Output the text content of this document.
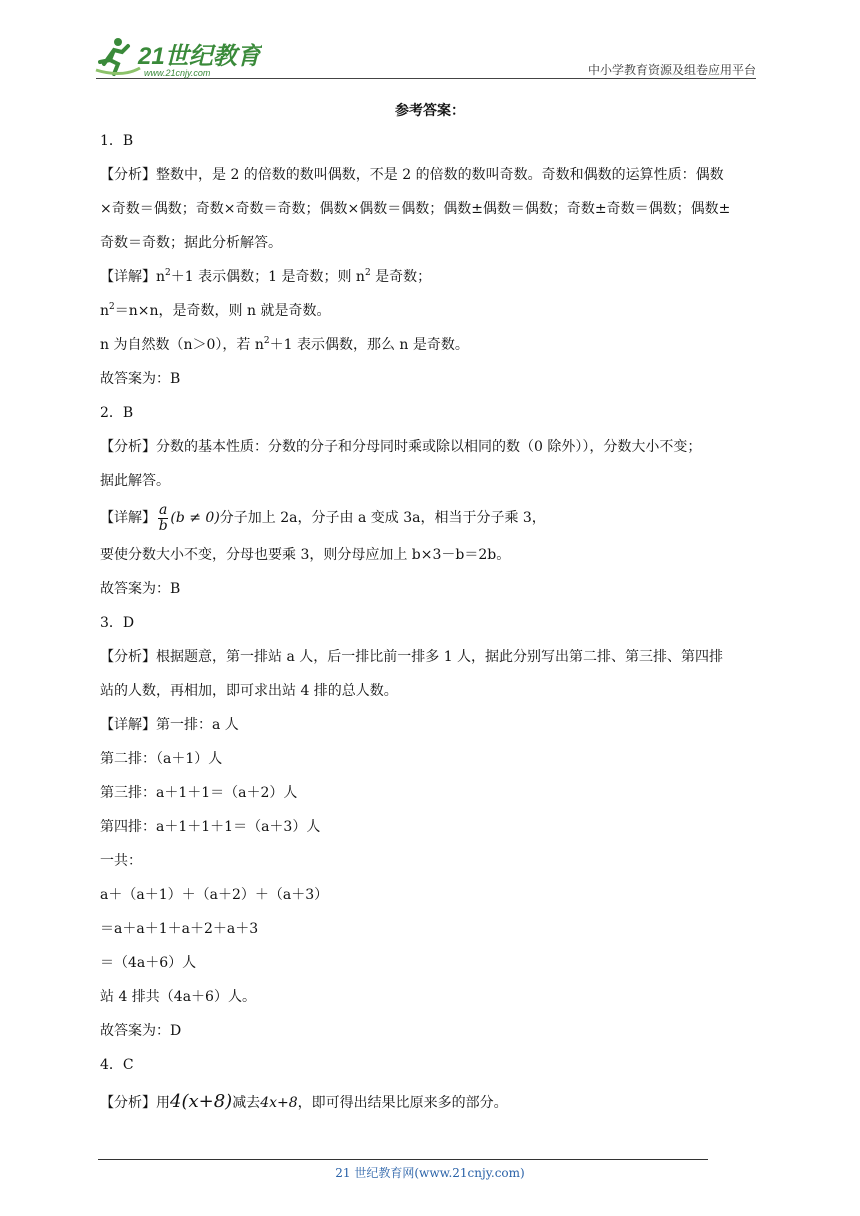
21世纪教育
www.21cnjy.com	中小学教育资源及组卷应用平台
参考答案：
1．B
【分析】整数中，是 2 的倍数的数叫偶数，不是 2 的倍数的数叫奇数。奇数和偶数的运算性质：偶数
×奇数＝偶数；奇数×奇数＝奇数；偶数×偶数＝偶数；偶数±偶数＝偶数；奇数±奇数＝偶数；偶数±
奇数＝奇数；据此分析解答。
【详解】$n^2+1$ 表示偶数；1 是奇数；则 $n^2$ 是奇数；
$n^2=n\times n$，是奇数，则 n 就是奇数。
n 为自然数（n＞0），若 $n^2+1$ 表示偶数，那么 n 是奇数。
故答案为：B
2．B
【分析】分数的基本性质：分数的分子和分母同时乘或除以相同的数（0 除外）），分数大小不变；
据此解答。
【详解】 $\frac{a}{b} (b \ne 0)$分子加上 2a，分子由 a 变成 3a，相当于分子乘 3，
要使分数大小不变，分母也要乘 3，则分母应加上 b×3－b＝2b。
故答案为：B
3．D
【分析】根据题意，第一排站 a 人，后一排比前一排多 1 人，据此分别写出第二排、第三排、第四排
站的人数，再相加，即可求出站 4 排的总人数。
【详解】第一排：a 人
第二排：（a＋1）人
第三排：a＋1＋1＝（a＋2）人
第四排：a＋1＋1＋1＝（a＋3）人
一共：
a＋（a＋1）＋（a＋2）＋（a＋3）
＝a＋a＋1＋a＋2＋a＋3
＝（4a＋6）人
站 4 排共（4a＋6）人。
故答案为：D
4．C
【分析】用4(x+8)减去4x+8，即可得出结果比原来多的部分。
21 世纪教育网(www.21cnjy.com)
